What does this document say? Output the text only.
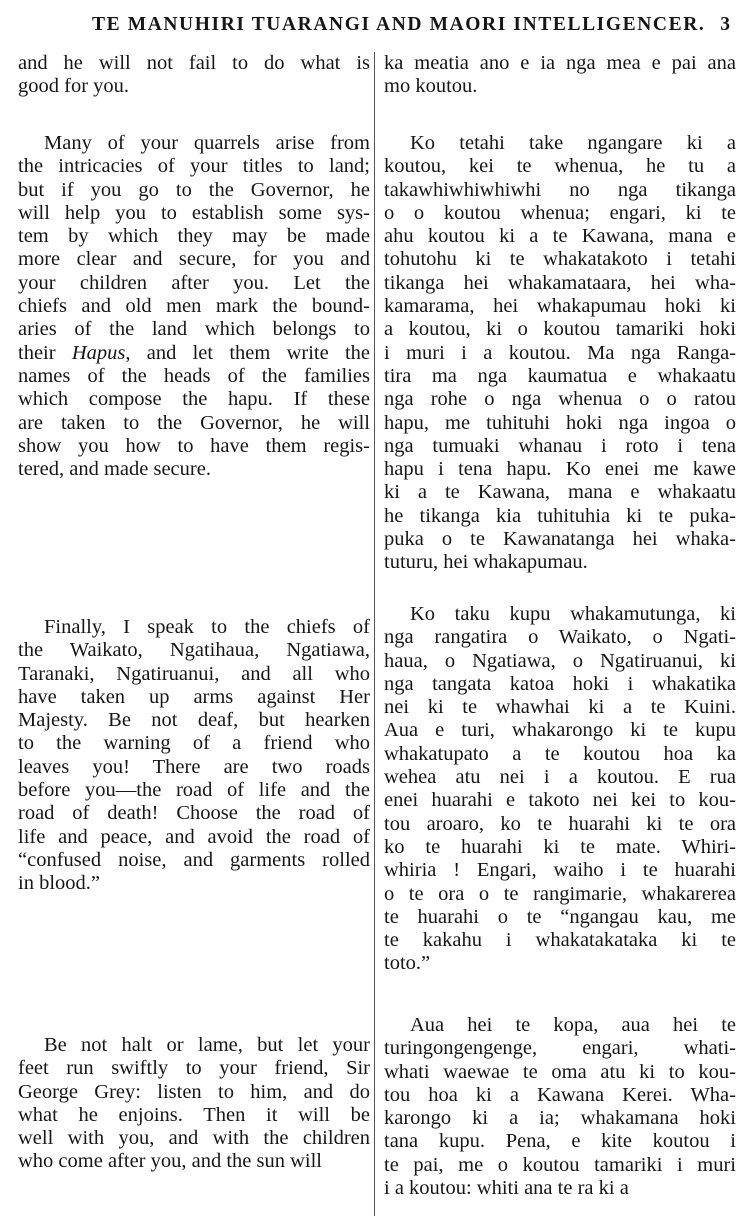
TE MANUHIRI TUARANGI AND MAORI INTELLIGENCER. 3
and he will not fail to do what is
good for you.
Many of your quarrels arise from
the intricacies of your titles to land;
but if you go to the Governor, he
will help you to establish some sys-
tem by which they may be made
more clear and secure, for you and
your children after you. Let the
chiefs and old men mark the bound-
aries of the land which belongs to
their Hapus, and let them write the
names of the heads of the families
which compose the hapu. If these
are taken to the Governor, he will
show you how to have them regis-
tered, and made secure.
Finally, I speak to the chiefs of
the Waikato, Ngatihaua, Ngatiawa,
Taranaki, Ngatiruanui, and all who
have taken up arms against Her
Majesty. Be not deaf, but hearken
to the warning of a friend who
leaves you! There are two roads
before you—the road of life and the
road of death! Choose the road of
life and peace, and avoid the road of
“confused noise, and garments rolled
in blood.”
Be not halt or lame, but let your
feet run swiftly to your friend, Sir
George Grey: listen to him, and do
what he enjoins. Then it will be
well with you, and with the children
who come after you, and the sun will
ka meatia ano e ia nga mea e pai ana
mo koutou.
Ko tetahi take ngangare ki a
koutou, kei te whenua, he tu a
takawhiwhiwhiwhi no nga tikanga
o o koutou whenua; engari, ki te
ahu koutou ki a te Kawana, mana e
tohutohu ki te whakatakoto i tetahi
tikanga hei whakamataara, hei wha-
kamarama, hei whakapumau hoki ki
a koutou, ki o koutou tamariki hoki
i muri i a koutou. Ma nga Ranga-
tira ma nga kaumatua e whakaatu
nga rohe o nga whenua o o ratou
hapu, me tuhituhi hoki nga ingoa o
nga tumuaki whanau i roto i tena
hapu i tena hapu. Ko enei me kawe
ki a te Kawana, mana e whakaatu
he tikanga kia tuhituhia ki te puka-
puka o te Kawanatanga hei whaka-
tuturu, hei whakapumau.
Ko taku kupu whakamutunga, ki
nga rangatira o Waikato, o Ngati-
haua, o Ngatiawa, o Ngatiruanui, ki
nga tangata katoa hoki i whakatika
nei ki te whawhai ki a te Kuini.
Aua e turi, whakarongo ki te kupu
whakatupato a te koutou hoa ka
wehea atu nei i a koutou. E rua
enei huarahi e takoto nei kei to kou-
tou aroaro, ko te huarahi ki te ora
ko te huarahi ki te mate. Whiri-
whiria ! Engari, waiho i te huarahi
o te ora o te rangimarie, whakarerea
te huarahi o te “ngangau kau, me
te kakahu i whakatakataka ki te
toto.”
Aua hei te kopa, aua hei te
turingongengenge, engari, whati-
whati waewae te oma atu ki to kou-
tou hoa ki a Kawana Kerei. Wha-
karongo ki a ia; whakamana hoki
tana kupu. Pena, e kite koutou i
te pai, me o koutou tamariki i muri
i a koutou: whiti ana te ra ki a
